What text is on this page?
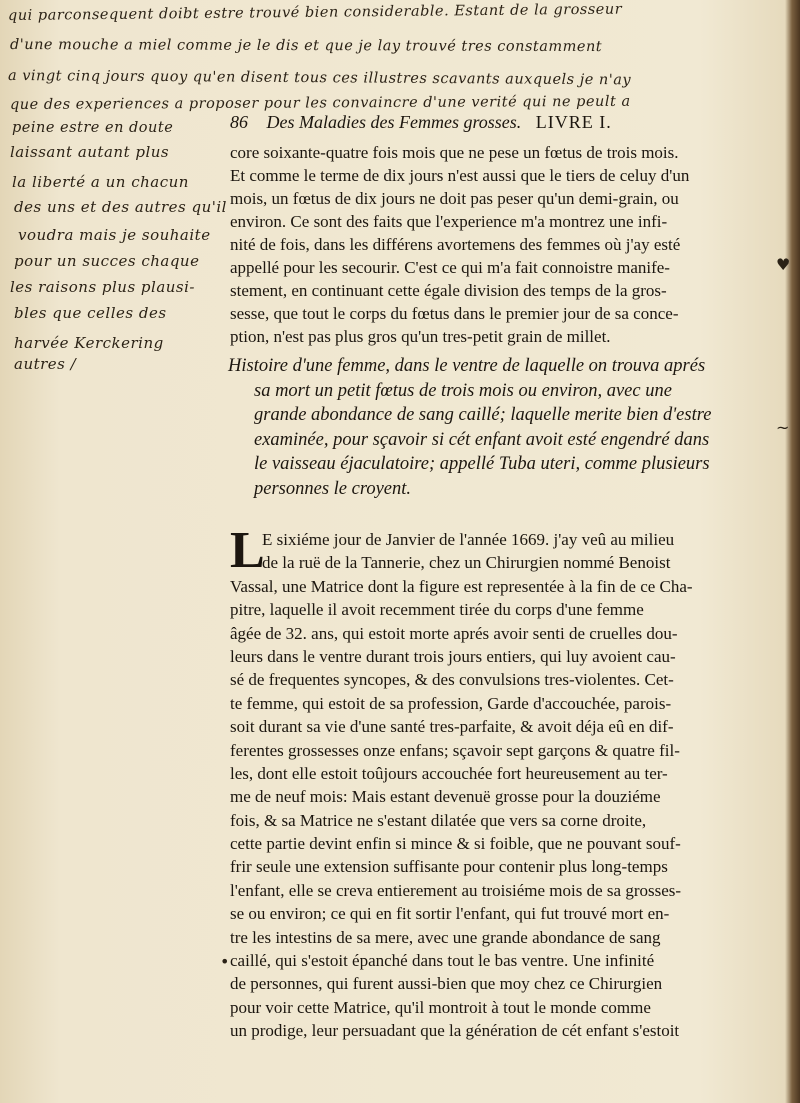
qui parconsequent doibt estre trouvé bien considerable. Estant de la grosseur
d'une mouche a miel comme je le dis et que je lay trouvé tres constamment
a vingt cinq jours quoy qu'en disent tous ces illustres scavants auxquels je n'ay
que des experiences a proposer pour les convaincre d'une verité qui ne peult a
peine estre en doute
laissant autant plus
la liberté a un chacun
des uns et des autres qu'il
voudra mais je souhaite
pour un succes chaque
les raisons plus plausi-
bles que celles des
harvée Kerckering
autres /
86 Des Maladies des Femmes grosses. LIVRE I.
core soixante-quatre fois mois que ne pese un fœtus de trois mois.
Et comme le terme de dix jours n'est aussi que le tiers de celuy d'un
mois, un fœtus de dix jours ne doit pas peser qu'un demi-grain, ou
environ. Ce sont des faits que l'experience m'a montrez une infi-
nité de fois, dans les différens avortemens des femmes où j'ay esté
appellé pour les secourir. C'est ce qui m'a fait connoistre manife-
stement, en continuant cette égale division des temps de la gros-
sesse, que tout le corps du fœtus dans le premier jour de sa conce-
ption, n'est pas plus gros qu'un tres-petit grain de millet.
Histoire d'une femme, dans le ventre de laquelle on trouva aprés
sa mort un petit fœtus de trois mois ou environ, avec une
grande abondance de sang caillé; laquelle merite bien d'estre
examinée, pour sçavoir si cét enfant avoit esté engendré dans
le vaisseau éjaculatoire; appellé Tuba uteri, comme plusieurs
personnes le croyent.
L
E sixiéme jour de Janvier de l'année 1669. j'ay veû au milieu
de la ruë de la Tannerie, chez un Chirurgien nommé Benoist
Vassal, une Matrice dont la figure est representée à la fin de ce Cha-
pitre, laquelle il avoit recemment tirée du corps d'une femme
âgée de 32. ans, qui estoit morte aprés avoir senti de cruelles dou-
leurs dans le ventre durant trois jours entiers, qui luy avoient cau-
sé de frequentes syncopes, & des convulsions tres-violentes. Cet-
te femme, qui estoit de sa profession, Garde d'accouchée, parois-
soit durant sa vie d'une santé tres-parfaite, & avoit déja eû en dif-
ferentes grossesses onze enfans; sçavoir sept garçons & quatre fil-
les, dont elle estoit toûjours accouchée fort heureusement au ter-
me de neuf mois: Mais estant devenuë grosse pour la douziéme
fois, & sa Matrice ne s'estant dilatée que vers sa corne droite,
cette partie devint enfin si mince & si foible, que ne pouvant souf-
frir seule une extension suffisante pour contenir plus long-temps
l'enfant, elle se creva entierement au troisiéme mois de sa grosses-
se ou environ; ce qui en fit sortir l'enfant, qui fut trouvé mort en-
tre les intestins de sa mere, avec une grande abondance de sang
caillé, qui s'estoit épanché dans tout le bas ventre. Une infinité
de personnes, qui furent aussi-bien que moy chez ce Chirurgien
pour voir cette Matrice, qu'il montroit à tout le monde comme
un prodige, leur persuadant que la génération de cét enfant s'estoit
♥
~
•
